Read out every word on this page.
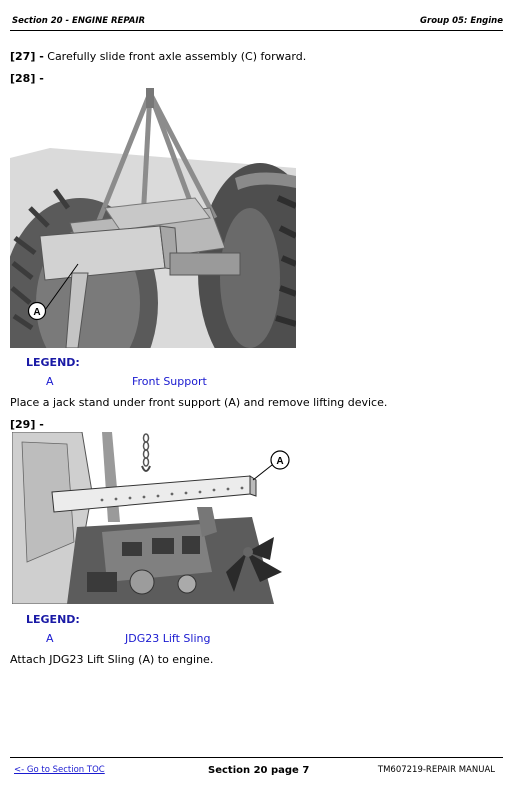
Section 20 - ENGINE REPAIR	Group 05: Engine
[27] - Carefully slide front axle assembly (C) forward.
[28] -
A
LEGEND:
A	Front Support
Place a jack stand under front support (A) and remove lifting device.
[29] -
A
LEGEND:
A	JDG23 Lift Sling
Attach JDG23 Lift Sling (A) to engine.
<- Go to Section TOC	Section 20 page 7	TM607219-REPAIR MANUAL
